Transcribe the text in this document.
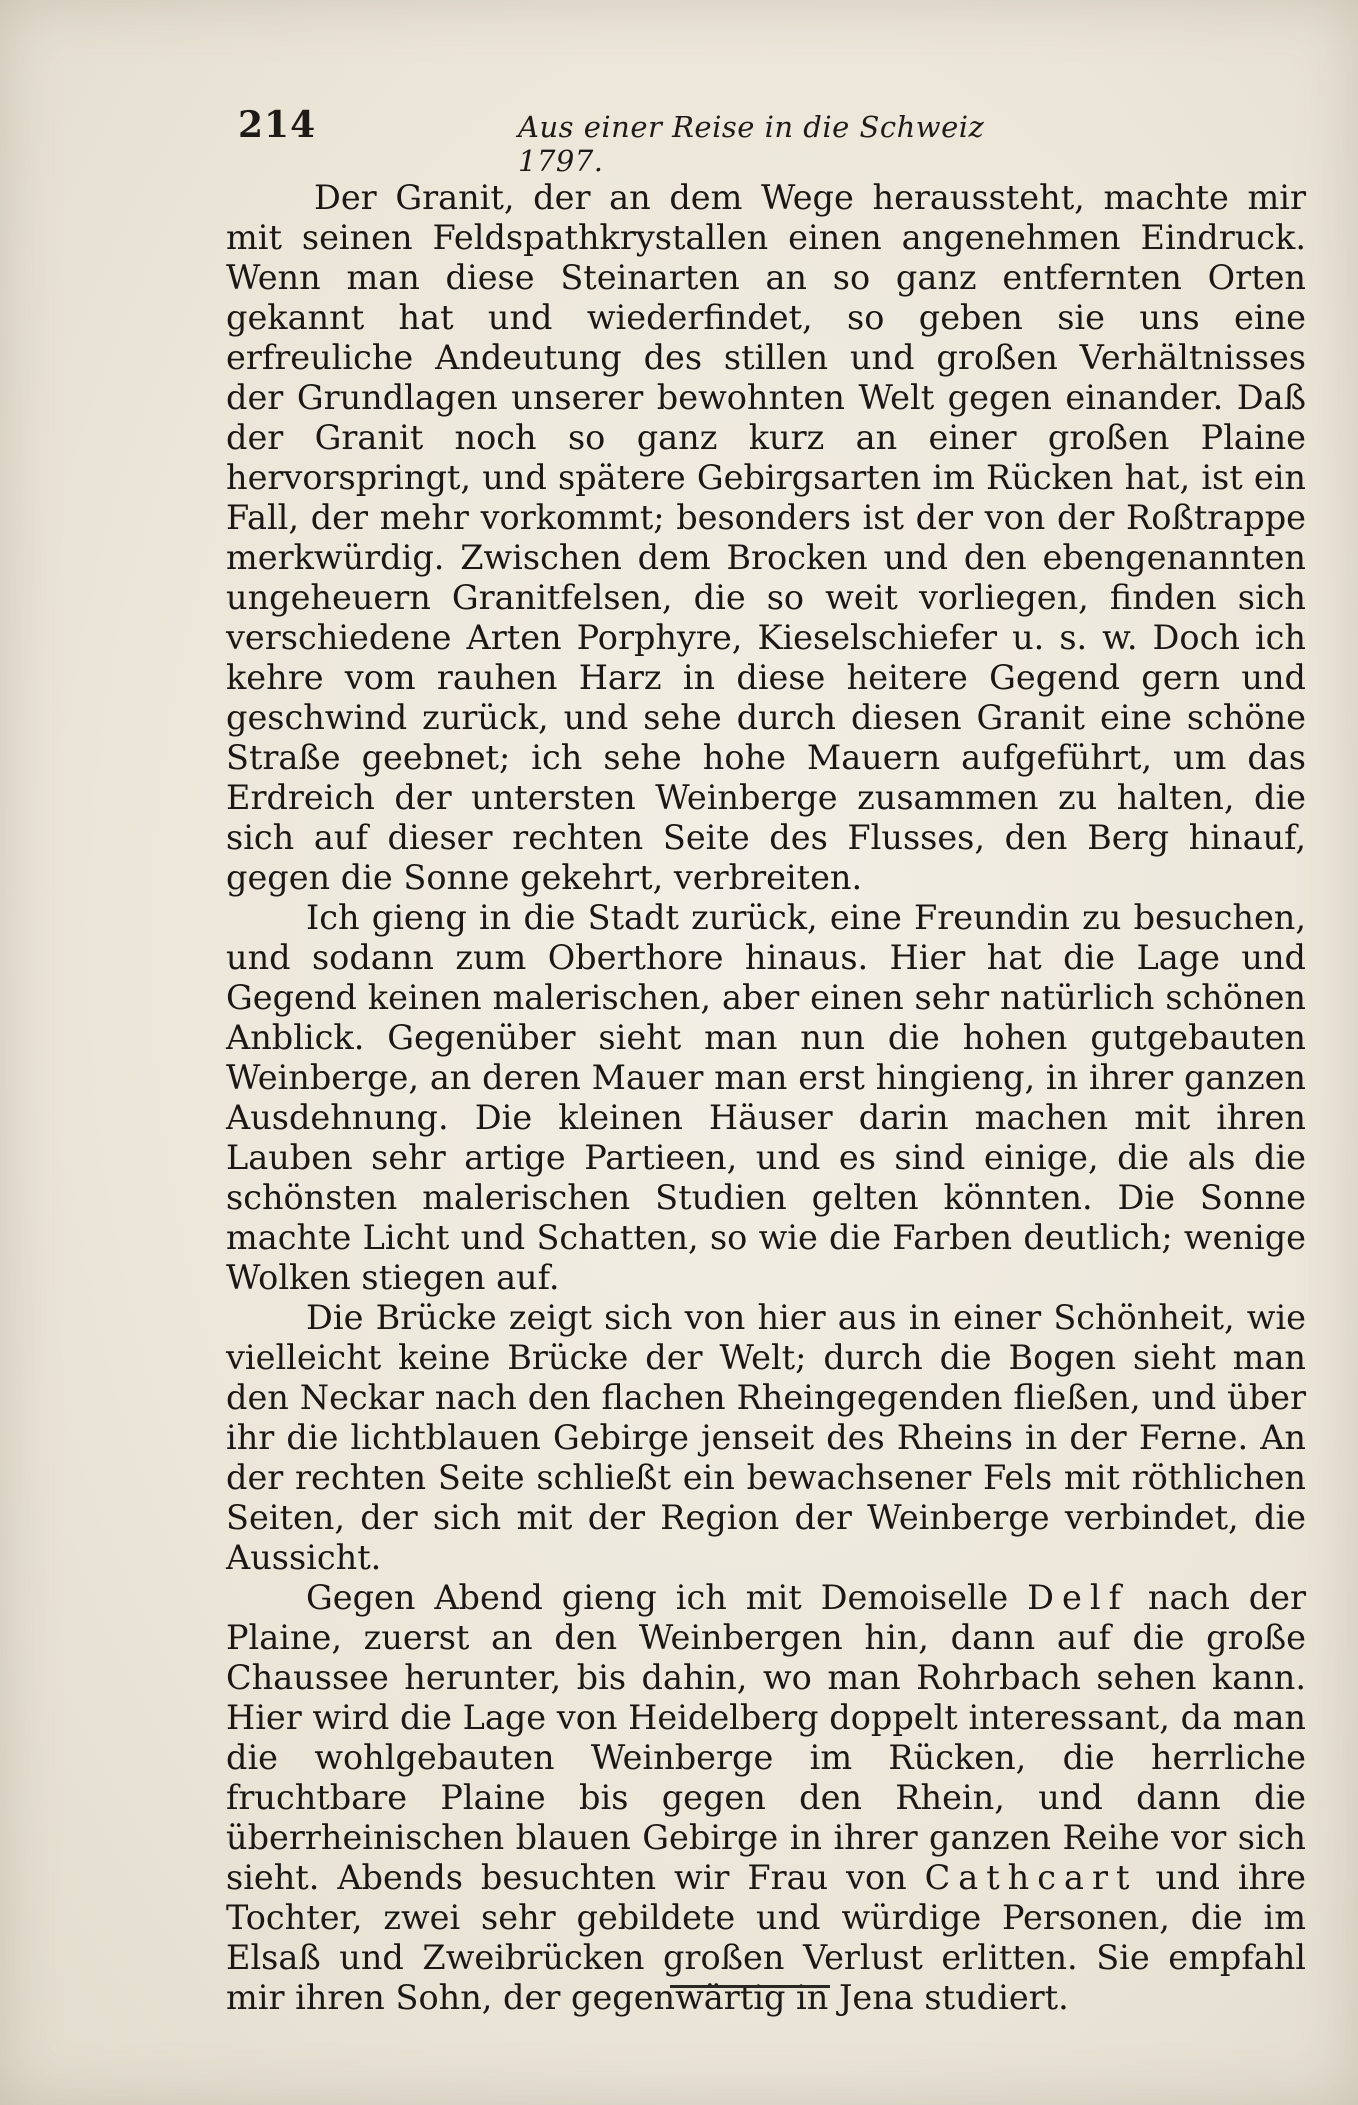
214	Aus einer Reise in die Schweiz 1797.

Der Granit, der an dem Wege heraussteht, machte mir mit seinen Feldspathkrystallen einen angenehmen Eindruck. Wenn man diese Steinarten an so ganz entfernten Orten gekannt hat und wiederfindet, so geben sie uns eine erfreuliche Andeutung des stillen und großen Verhältnisses der Grundlagen unserer bewohnten Welt gegen einander. Daß der Granit noch so ganz kurz an einer großen Plaine hervorspringt, und spätere Gebirgsarten im Rücken hat, ist ein Fall, der mehr vorkommt; besonders ist der von der Roßtrappe merkwürdig. Zwischen dem Brocken und den ebengenannten ungeheuern Granitfelsen, die so weit vorliegen, finden sich verschiedene Arten Porphyre, Kieselschiefer u. s. w. Doch ich kehre vom rauhen Harz in diese heitere Gegend gern und geschwind zurück, und sehe durch diesen Granit eine schöne Straße geebnet; ich sehe hohe Mauern aufgeführt, um das Erdreich der untersten Weinberge zusammen zu halten, die sich auf dieser rechten Seite des Flusses, den Berg hinauf, gegen die Sonne gekehrt, verbreiten.

Ich gieng in die Stadt zurück, eine Freundin zu besuchen, und sodann zum Oberthore hinaus. Hier hat die Lage und Gegend keinen malerischen, aber einen sehr natürlich schönen Anblick. Gegenüber sieht man nun die hohen gutgebauten Weinberge, an deren Mauer man erst hingieng, in ihrer ganzen Ausdehnung. Die kleinen Häuser darin machen mit ihren Lauben sehr artige Partieen, und es sind einige, die als die schönsten malerischen Studien gelten könnten. Die Sonne machte Licht und Schatten, so wie die Farben deutlich; wenige Wolken stiegen auf.

Die Brücke zeigt sich von hier aus in einer Schönheit, wie vielleicht keine Brücke der Welt; durch die Bogen sieht man den Neckar nach den flachen Rheingegenden fließen, und über ihr die lichtblauen Gebirge jenseit des Rheins in der Ferne. An der rechten Seite schließt ein bewachsener Fels mit röthlichen Seiten, der sich mit der Region der Weinberge verbindet, die Aussicht.

Gegen Abend gieng ich mit Demoiselle Delf nach der Plaine, zuerst an den Weinbergen hin, dann auf die große Chaussee herunter, bis dahin, wo man Rohrbach sehen kann. Hier wird die Lage von Heidelberg doppelt interessant, da man die wohlgebauten Weinberge im Rücken, die herrliche fruchtbare Plaine bis gegen den Rhein, und dann die überrheinischen blauen Gebirge in ihrer ganzen Reihe vor sich sieht. Abends besuchten wir Frau von Cathcart und ihre Tochter, zwei sehr gebildete und würdige Personen, die im Elsaß und Zweibrücken großen Verlust erlitten. Sie empfahl mir ihren Sohn, der gegenwärtig in Jena studiert.
